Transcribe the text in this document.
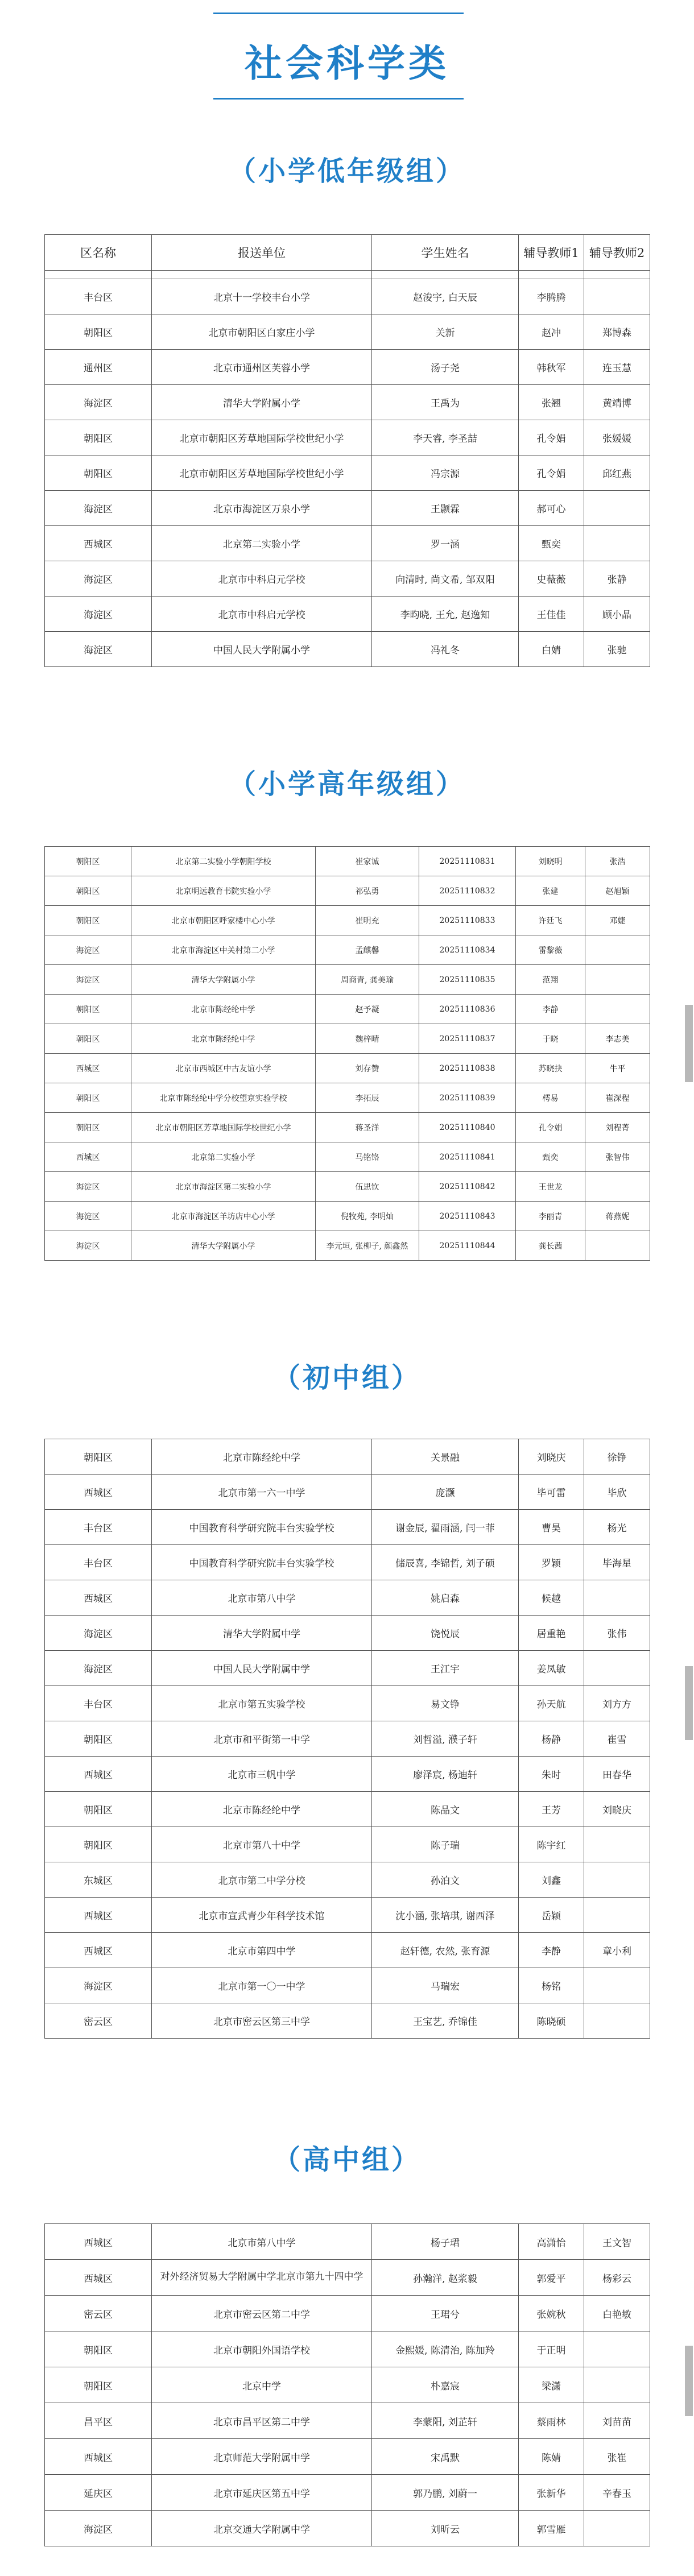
社会科学类
（小学低年级组）
区名称	报送单位	学生姓名	辅导教师1	辅导教师2

丰台区	北京十一学校丰台小学	赵浚宇, 白天辰	李腾腾	
朝阳区	北京市朝阳区白家庄小学	关新	赵冲	郑博森
通州区	北京市通州区芙蓉小学	汤子尧	韩秋军	连玉慧
海淀区	清华大学附属小学	王禹为	张翘	黄靖博
朝阳区	北京市朝阳区芳草地国际学校世纪小学	李天睿, 李圣喆	孔令娟	张媛媛
朝阳区	北京市朝阳区芳草地国际学校世纪小学	冯宗源	孔令娟	邱红燕
海淀区	北京市海淀区万泉小学	王颢霖	郝可心	
西城区	北京第二实验小学	罗一涵	甄奕	
海淀区	北京市中科启元学校	向清时, 尚文希, 邹双阳	史薇薇	张静
海淀区	北京市中科启元学校	李昀晓, 王允, 赵逸知	王佳佳	顾小晶
海淀区	中国人民大学附属小学	冯礼冬	白婧	张驰
（小学高年级组）
朝阳区	北京第二实验小学朝阳学校	崔家诚	20251110831	刘晓明	张浩
朝阳区	北京明远教育书院实验小学	祁弘勇	20251110832	张建	赵旭颖
朝阳区	北京市朝阳区呼家楼中心小学	崔明充	20251110833	许廷飞	邓婕
海淀区	北京市海淀区中关村第二小学	孟麒馨	20251110834	雷黎薇	
海淀区	清华大学附属小学	周商青, 龚美瑜	20251110835	范翔	
朝阳区	北京市陈经纶中学	赵予凝	20251110836	李静	
朝阳区	北京市陈经纶中学	魏梓晴	20251110837	于晓	李志美
西城区	北京市西城区中古友谊小学	刘存赞	20251110838	苏晓抉	牛平
朝阳区	北京市陈经纶中学分校望京实验学校	李拓辰	20251110839	樗易	崔深程
朝阳区	北京市朝阳区芳草地国际学校世纪小学	蒋圣洋	20251110840	孔令娟	刘程菁
西城区	北京第二实验小学	马铭铬	20251110841	甄奕	张智伟
海淀区	北京市海淀区第二实验小学	伍思钦	20251110842	王世龙	
海淀区	北京市海淀区羊坊店中心小学	倪牧苑, 李明灿	20251110843	李丽青	蒋燕妮
海淀区	清华大学附属小学	李元垣, 张柳子, 颜鑫然	20251110844	龚长茜	
（初中组）
朝阳区	北京市陈经纶中学	关景融	刘晓庆	徐铮
西城区	北京市第一六一中学	庞灏	毕可雷	毕欣
丰台区	中国教育科学研究院丰台实验学校	谢金辰, 翟雨涵, 闫一菲	曹昊	杨光
丰台区	中国教育科学研究院丰台实验学校	储辰喜, 李锦哲, 刘子硕	罗颖	毕海星
西城区	北京市第八中学	姚启森	候越	
海淀区	清华大学附属中学	饶悦辰	居重艳	张伟
海淀区	中国人民大学附属中学	王江宇	姜凤敏	
丰台区	北京市第五实验学校	易文铮	孙天航	刘方方
朝阳区	北京市和平街第一中学	刘哲溢, 濮子轩	杨静	崔雪
西城区	北京市三帆中学	廖泽宸, 杨迪轩	朱时	田春华
朝阳区	北京市陈经纶中学	陈品文	王芳	刘晓庆
朝阳区	北京市第八十中学	陈子瑞	陈宇红	
东城区	北京市第二中学分校	孙泊文	刘鑫	
西城区	北京市宣武青少年科学技术馆	沈小涵, 张培琪, 谢西泽	岳颖	
西城区	北京市第四中学	赵轩德, 农然, 张育源	李静	章小利
海淀区	北京市第一〇一中学	马瑞宏	杨铭	
密云区	北京市密云区第三中学	王宝艺, 乔锦佳	陈晓硕	
（高中组）
西城区	北京市第八中学	杨子珺	高潇怡	王文智
西城区	对外经济贸易大学附属中学北京市第九十四中学	孙瀚洋, 赵浆毅	郭爱平	杨彩云
密云区	北京市密云区第二中学	王珺兮	张婉秋	白艳敏
朝阳区	北京市朝阳外国语学校	金熙媛, 陈清治, 陈加羚	于正明	
朝阳区	北京中学	朴嘉宸	梁潇	
昌平区	北京市昌平区第二中学	李蒙阳, 刘芷轩	蔡雨林	刘苗苗
西城区	北京师范大学附属中学	宋禹默	陈婧	张崔
延庆区	北京市延庆区第五中学	郭乃鹏, 刘蔚一	张新华	辛春玉
海淀区	北京交通大学附属中学	刘昕云	郭雪雁	
